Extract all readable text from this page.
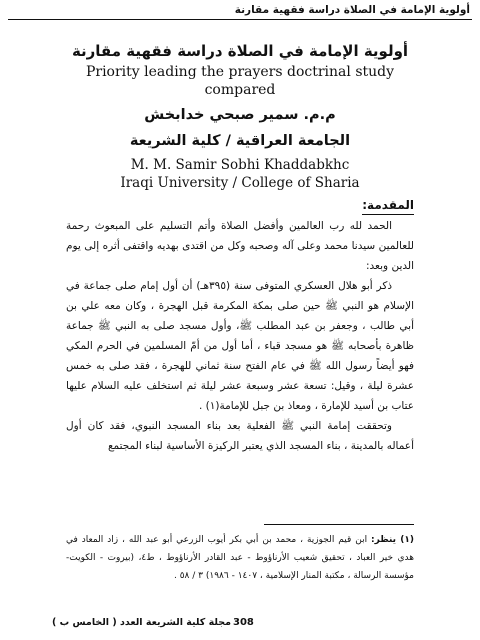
أولوية الإمامة في الصلاة دراسة فقهية مقارنة
أولوية الإمامة في الصلاة دراسة فقهية مقارنة
Priority leading the prayers doctrinal study
compared
م.م. سمير صبحي خدابخش
الجامعة العراقية / كلية الشريعة
M. M. Samir Sobhi Khaddabkhc
Iraqi University / College of Sharia
المقدمة:

الحمد لله رب العالمين وأفضل الصلاة وأتم التسليم على المبعوث رحمة للعالمين سيدنا محمد وعلى آله وصحبه وكل من اقتدى بهديه واقتفى أثره إلى يوم الدين وبعد:

ذكر أبو هلال العسكري المتوفى سنة (٣٩٥هـ) أن أول إمام صلى جماعة في الإسلام هو النبي ﷺ حين صلى بمكة المكرمة قبل الهجرة ، وكان معه علي بن أبي طالب ، وجعفر بن عبد المطلب ﷺ، وأول مسجد صلى به النبي ﷺ جماعة ظاهرة بأصحابه ﷺ هو مسجد قباء ، أما أول من أمّ المسلمين في الحرم المكي فهو أيضاً رسول الله ﷺ في عام الفتح سنة ثماني للهجرة ، فقد صلى به خمس عشرة ليلة ، وقيل: تسعة عشر وسبعة عشر ليلة ثم استخلف عليه السلام عليها عتاب بن أسيد للإمارة ، ومعاذ بن جبل للإمامة(١) .

وتحققت إمامة النبي ﷺ الفعلية بعد بناء المسجد النبوي، فقد كان أول أعماله بالمدينة ، بناء المسجد الذي يعتبر الركيزة الأساسية لبناء المجتمع

(١) ينظر: ابن قيم الجوزية ، محمد بن أبي بكر أيوب الزرعي أبو عبد الله ، زاد المعاد في هدي خير العباد ، تحقيق شعيب الأرناؤوط - عبد القادر الأرناؤوط ، ط٤، (بيروت - الكويت- مؤسسة الرسالة ، مكتبة المنار الإسلامية ، ١٤٠٧ - ١٩٨٦) ٣ / ٥٨ .
مجلة كلية الشريعة العدد ( الخامس ب ) 308
